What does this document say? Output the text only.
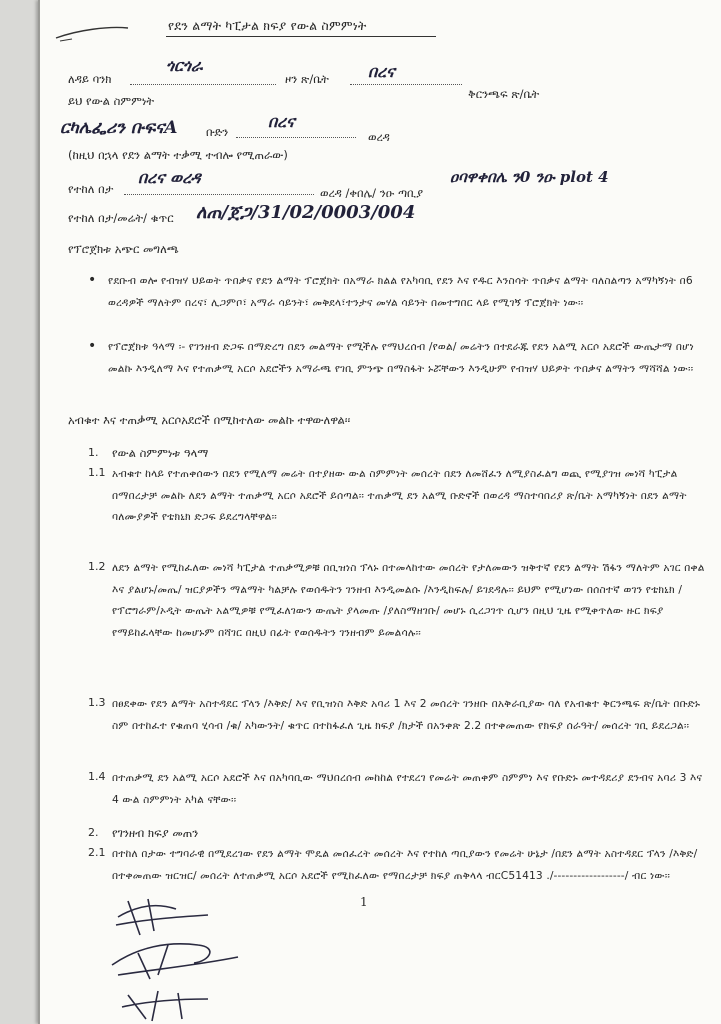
የደን ልማት ካፒታል ክፍያ የውል ስምምነት
ለዳይ ባንክ
ጎርጎራ
ዞን ጽ/ቤት በረና
ይህ የውል ስምምነት	ቅርንጫፍ ጽ/ቤት
ርካሌፌሪን ቡፍናA ቡድን
በረና
ወረዳ
(ከዚህ በኋላ የደን ልማት ተቃሚ ተብሎ የሚጠራው)
የተከለ በታ
በረና ወረዳ
ወረዳ /ቀበሌ/ ንዑ ጣቢያ
ዐባዋቀበሌ ን0 ንዑ plot 4
የተከለ በታ/መሬት/ ቁጥር ለጠ/ጀጋ/31/02/0003/004
የፕሮጀክቱ አጭር መግለጫ
• የደቡብ ወሎ የብዝሃ ህይወት ጥበቃና የደን ልማት ፕሮጀክት በአማራ ክልል የአካባቢ የደን እና የዱር እንስሳት ጥበቃና ልማት ባለስልጣን አማካኝነት በ6 ወረዳዎች ማለትም በረና፣ ሊጋምቦ፣ አማራ ሳይንት፣ መቅደላ፣ተንታና መሃል ሳይንት በመተግበር ላይ የሚገኝ ፕሮጀክት ነው፡፡
• የፕሮጀክቱ ዓላማ ፡- የገንዘብ ድጋፍ በማድረግ በደን መልማት የሚችሉ የማህረሰብ /የወል/ መሬትን በተደራጁ የደን አልሚ አርሶ አደሮች ውጤታማ በሆነ መልኩ እንዲለማ እና የተጠቃሚ አርሶ አደሮችን አማራጫ የገቢ ምንጭ በማስፋት ኑሯቸውን እንዲሁም የብዝሃ ህይዎት ጥበቃና ልማትን ማሻሻል ነው፡፡
አብቁተ እና ተጠቃሚ አርሶአደሮች በሚከተለው መልኩ ተዋውለዋል፡፡
1. የውል ስምምነቱ ዓላማ
1.1 አብቁተ ከላይ የተጠቀሰውን በደን የሚለማ መሬት በተያዘው ውል ስምምነት መሰረት በደን ለመሸፈን ለሚያስፈልግ ወጪ የሚያገዝ መነሻ ካፒታል በማበረታቻ መልኩ ለደን ልማት ተጠቃሚ አርሶ አደሮች ይሰጣል፡፡ ተጠቃሚ ደን አልሚ ቡድኖች በወረዳ ማስተባበሪያ ጽ/ቤት አማካኝነት በደን ልማት ባለሙያዎች የቴክኒክ ድጋፍ ይደረግላቸዋል፡፡
1.2 ለደን ልማት የሚከፈለው መነሻ ካፒታል ተጠቃሚዎቹ በቢዝነስ ፕላኑ በተመላከተው መሰረት የታለመውን ዝቅተኛ የደን ልማት ሽፋን ማለትም አገር በቀል እና ያልሆኑ/መጤ/ ዝርያዎችን ማልማት ካልቻሉ የወሰዱትን ገንዘብ እንዲመልሱ /እንዲከፍሉ/ ይገደዳሉ፡፡ ይህም የሚሆነው በሰስተኛ ወገን የቴክኒክ /የፕሮግራም/ኦዲት ውጤት አልሚዎቹ የሚፈለገውን ውጤት ያላመጡ /ያለስማዘገቡ/ መሆኑ ሲረጋገጥ ሲሆን በዚህ ጊዜ የሚቀጥለው ዙር ክፍያ የማይከፈላቸው ከመሆኑም በሻገር በዚህ በፊት የወሰዱትን ገንዘብም ይመልሳሉ፡፡
1.3 በፀደቀው የደን ልማት አስተዳደር ፕላን /እቅድ/ እና የቢዝነስ እቅድ አባሪ 1 እና 2 መሰረት ገንዘቡ በአቅራቢያው ባለ የአብቁተ ቅርንጫፍ ጽ/ቤት በቡድኑ ስም በተከፈተ የቁጠባ ሂሳብ /ቁ/ አካውንት/ ቁጥር በተከፋፈለ ጊዜ ክፍያ /ክታች በአንቀጽ 2.2 በተቀመጠው የክፍያ ሰራዓት/ መሰረት ገቢ ይደረጋል፡፡
1.4 በተጠቃሚ ደን አልሚ አርሶ አደሮች እና በአካባቢው ማህበረሰብ መከከል የተደረገ የመሬት መጠቀም ስምምነ እና የቡድኑ መተዳደሪያ ደንብና አባሪ 3 እና 4 ውል ስምምነት አካል ናቸው፡፡
2. የገንዘብ ክፍያ መጠን
2.1 በተከለ በታው ተግባራዊ በሚደረገው የደን ልማት ሞዴል መሰፈረት መሰረት እና የተከለ ጣቢያውን የመሬት ሁኔታ /በደን ልማት አስተዳደር ፕላን /እቅድ/ በተቀመጠው ዝርዝር/ መሰረት ለተጠቃሚ አርሶ አደሮች የሚከፈለው የማበረታቻ ክፍያ ጠቅላላ ብርC51413 ./------------------/ ብር ነው፡፡
1
